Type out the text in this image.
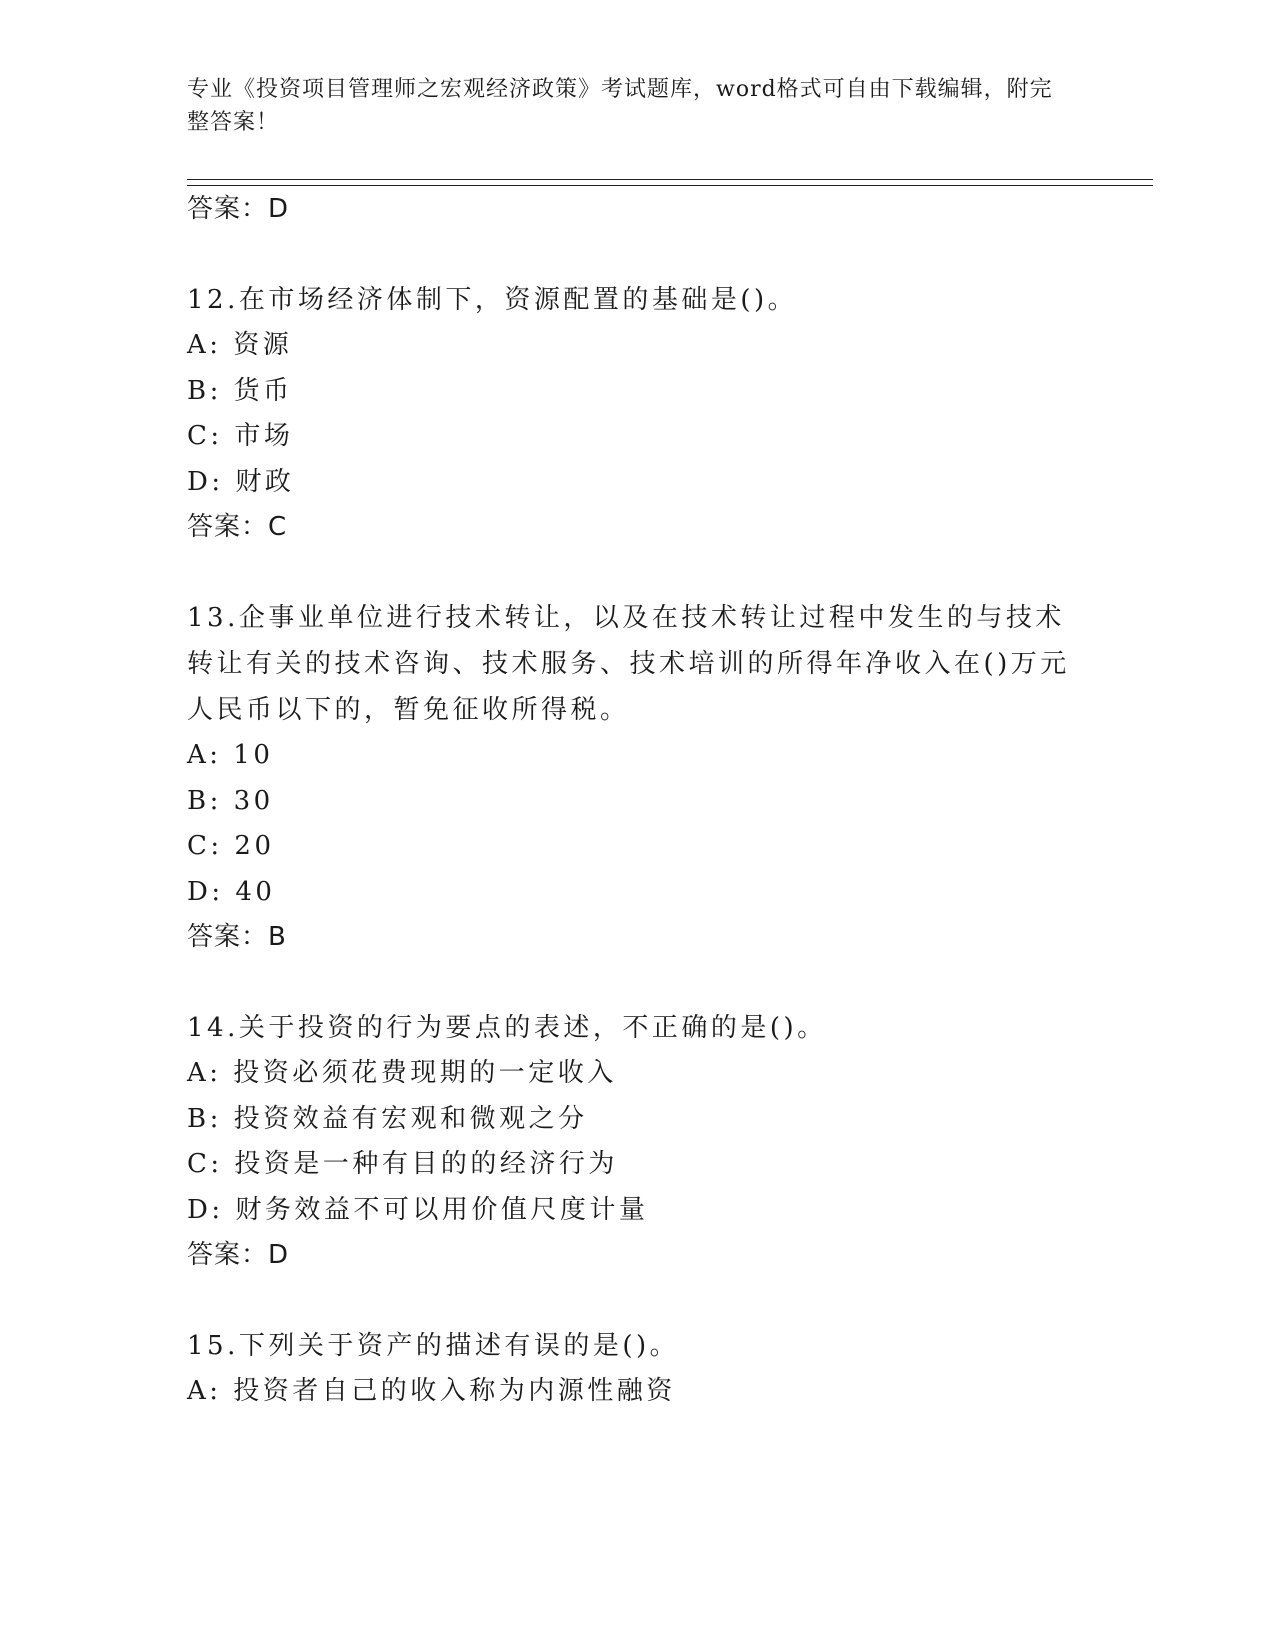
专业《投资项目管理师之宏观经济政策》考试题库，word格式可自由下载编辑，附完整答案！
答案：D
12.在市场经济体制下，资源配置的基础是()。
A: 资源
B: 货币
C: 市场
D: 财政
答案：C
13.企事业单位进行技术转让，以及在技术转让过程中发生的与技术转让有关的技术咨询、技术服务、技术培训的所得年净收入在()万元人民币以下的，暂免征收所得税。
A: 10
B: 30
C: 20
D: 40
答案：B
14.关于投资的行为要点的表述，不正确的是()。
A: 投资必须花费现期的一定收入
B: 投资效益有宏观和微观之分
C: 投资是一种有目的的经济行为
D: 财务效益不可以用价值尺度计量
答案：D
15.下列关于资产的描述有误的是()。
A: 投资者自己的收入称为内源性融资
